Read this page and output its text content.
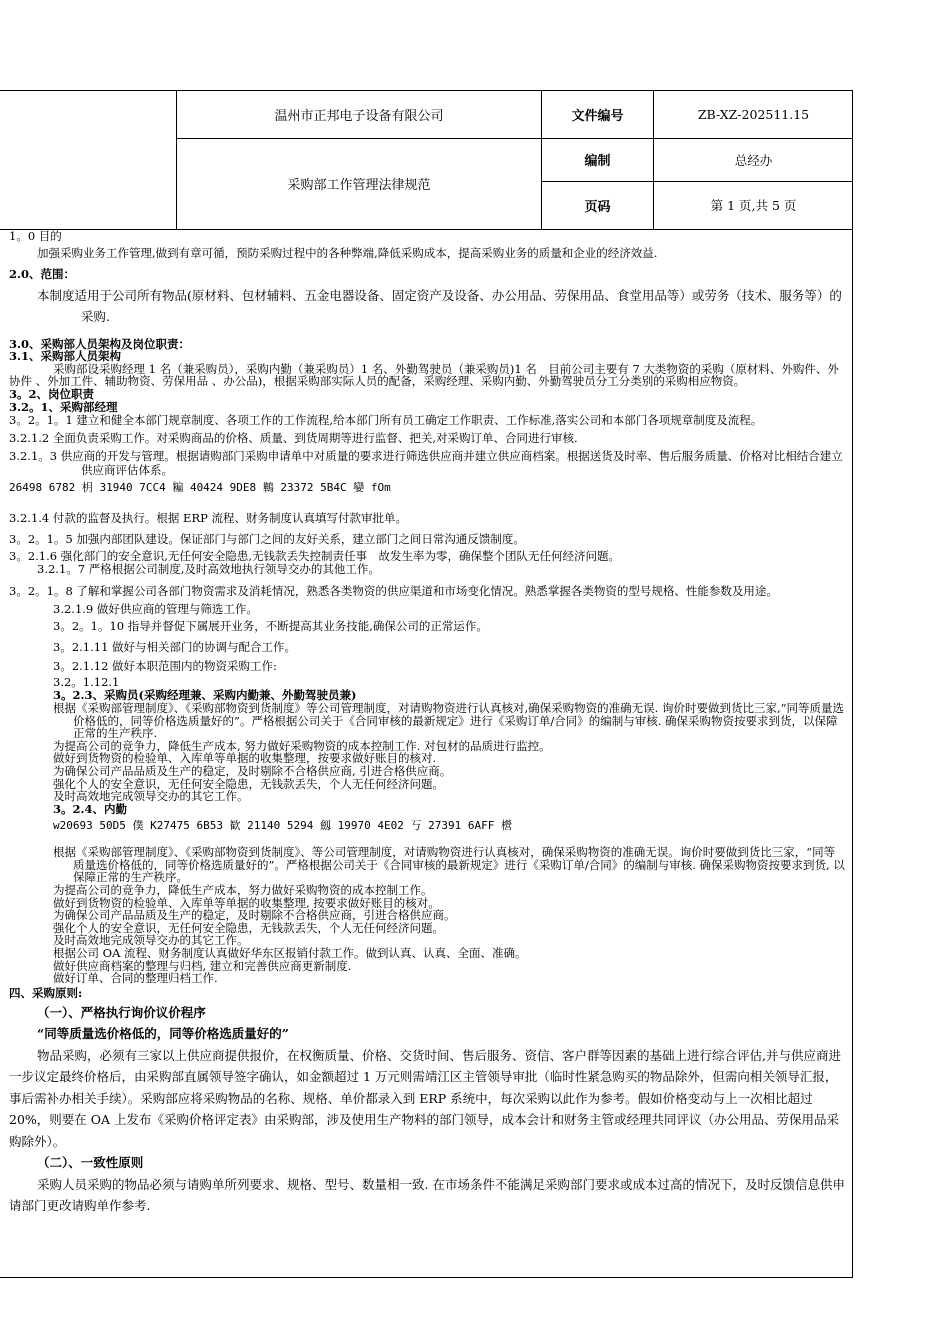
	温州市正邦电子设备有限公司	文件编号	ZB-XZ-202511.15
	采购部工作管理法律规范	编制	总经办
		页码	第 1 页,共 5 页

1。0 目的

加强采购业务工作管理,做到有章可循，预防采购过程中的各种弊端,降低采购成本，提高采购业务的质量和企业的经济效益.

2.0、范围：

本制度适用于公司所有物品(原材料、包材辅料、五金电器设备、固定资产及设备、办公用品、劳保用品、食堂用品等）或劳务（技术、服务等）的采购.

3.0、采购部人员架构及岗位职责：

3.1、采购部人员架构

采购部设采购经理 1 名（兼采购员），采购内勤（兼采购员）1 名、外勤驾驶员（兼采购员)1 名　目前公司主要有 7 大类物资的采购（原材料、外购件、外协件 、外加工件、辅助物资、劳保用品 、办公品)，根据采购部实际人员的配备，采购经理、采购内勤、外勤驾驶员分工分类别的采购相应物资。

3。2、岗位职责

3.2。1、采购部经理

3。2。1。1 建立和健全本部门规章制度、各项工作的工作流程,给本部门所有员工确定工作职责、工作标准,落实公司和本部门各项规章制度及流程。

3.2.1.2 全面负责采购工作。对采购商品的价格、质量、到货周期等进行监督、把关,对采购订单、合同进行审核.

3.2.1。3 供应商的开发与管理。根据请购部门采购申请单中对质量的要求进行筛选供应商并建立供应商档案。根据送货及时率、售后服务质量、价格对比相结合建立供应商评估体系。

26498 6782 枂 31940 7CC4 糄 40424 9DE8 鷨 23372 5B4C 孌 fOm

3.2.1.4 付款的监督及执行。根据 ERP 流程、财务制度认真填写付款审批单。

3。2。1。5 加强内部团队建设。保证部门与部门之间的友好关系，建立部门之间日常沟通反馈制度。

3。2.1.6 强化部门的安全意识,无任何安全隐患,无钱款丢失控制责任事　故发生率为零，确保整个团队无任何经济问题。

3.2.1。7 严格根据公司制度,及时高效地执行领导交办的其他工作。

3。2。1。8 了解和掌握公司各部门物资需求及消耗情况，熟悉各类物资的供应渠道和市场变化情况。熟悉掌握各类物资的型号规格、性能参数及用途。

3.2.1.9 做好供应商的管理与筛选工作。

3。2。1。10 指导并督促下属展开业务，不断提高其业务技能,确保公司的正常运作。

3。2.1.11 做好与相关部门的协调与配合工作。

3。2.1.12 做好本职范围内的物资采购工作:

3.2。1.12.1

3。2.3、采购员(采购经理兼、采购内勤兼、外勤驾驶员兼)

根据《采购部管理制度》、《采购部物资到货制度》等公司管理制度，对请购物资进行认真核对,确保采购物资的准确无误. 询价时要做到货比三家,“同等质量选价格低的，同等价格选质量好的”。严格根据公司关于《合同审核的最新规定》进行《采购订单/合同》的编制与审核. 确保采购物资按要求到货，以保障正常的生产秩序.

为提高公司的竞争力，降低生产成本, 努力做好采购物资的成本控制工作. 对包材的品质进行监控。

做好到货物资的检验单、入库单等单据的收集整理，按要求做好账目的核对.

为确保公司产品品质及生产的稳定，及时剔除不合格供应商, 引进合格供应商。

强化个人的安全意识，无任何安全隐患，无钱款丢失，个人无任何经济问题。

及时高效地完成领导交办的其它工作。

3。2.4、内勤

w20693 50D5 僕 K27475 6B53 歓 21140 5294 劔 19970 4E02 丂 27391 6AFF 櫿

根据《采购部管理制度》、《采购部物资到货制度》、等公司管理制度，对请购物资进行认真核对，确保采购物资的准确无误。询价时要做到货比三家，“同等质量选价格低的，同等价格选质量好的”。严格根据公司关于《合同审核的最新规定》进行《采购订单/合同》的编制与审核. 确保采购物资按要求到货, 以保障正常的生产秩序。

为提高公司的竞争力，降低生产成本，努力做好采购物资的成本控制工作。

做好到货物资的检验单、入库单等单据的收集整理, 按要求做好账目的核对。

为确保公司产品品质及生产的稳定，及时剔除不合格供应商，引进合格供应商。

强化个人的安全意识，无任何安全隐患，无钱款丢失，个人无任何经济问题。

及时高效地完成领导交办的其它工作。

根据公司 OA 流程、财务制度认真做好华东区报销付款工作。做到认真、认真、全面、准确。

做好供应商档案的整理与归档, 建立和完善供应商更新制度.

做好订单、合同的整理归档工作.

四、采购原则:

（一）、严格执行询价议价程序

“同等质量选价格低的，同等价格选质量好的”

物品采购，必须有三家以上供应商提供报价，在权衡质量、价格、交货时间、售后服务、资信、客户群等因素的基础上进行综合评估,并与供应商进一步议定最终价格后，由采购部直属领导签字确认，如金额超过 1 万元则需靖江区主管领导审批（临时性紧急购买的物品除外，但需向相关领导汇报，事后需补办相关手续）。采购部应将采购物品的名称、规格、单价都录入到 ERP 系统中，每次采购以此作为参考。假如价格变动与上一次相比超过 20%，则要在 OA 上发布《采购价格评定表》由采购部，涉及使用生产物料的部门领导，成本会计和财务主管或经理共同评议（办公用品、劳保用品采购除外）。

（二）、一致性原则

采购人员采购的物品必须与请购单所列要求、规格、型号、数量相一致. 在市场条件不能满足采购部门要求或成本过高的情况下，及时反馈信息供申请部门更改请购单作参考.
